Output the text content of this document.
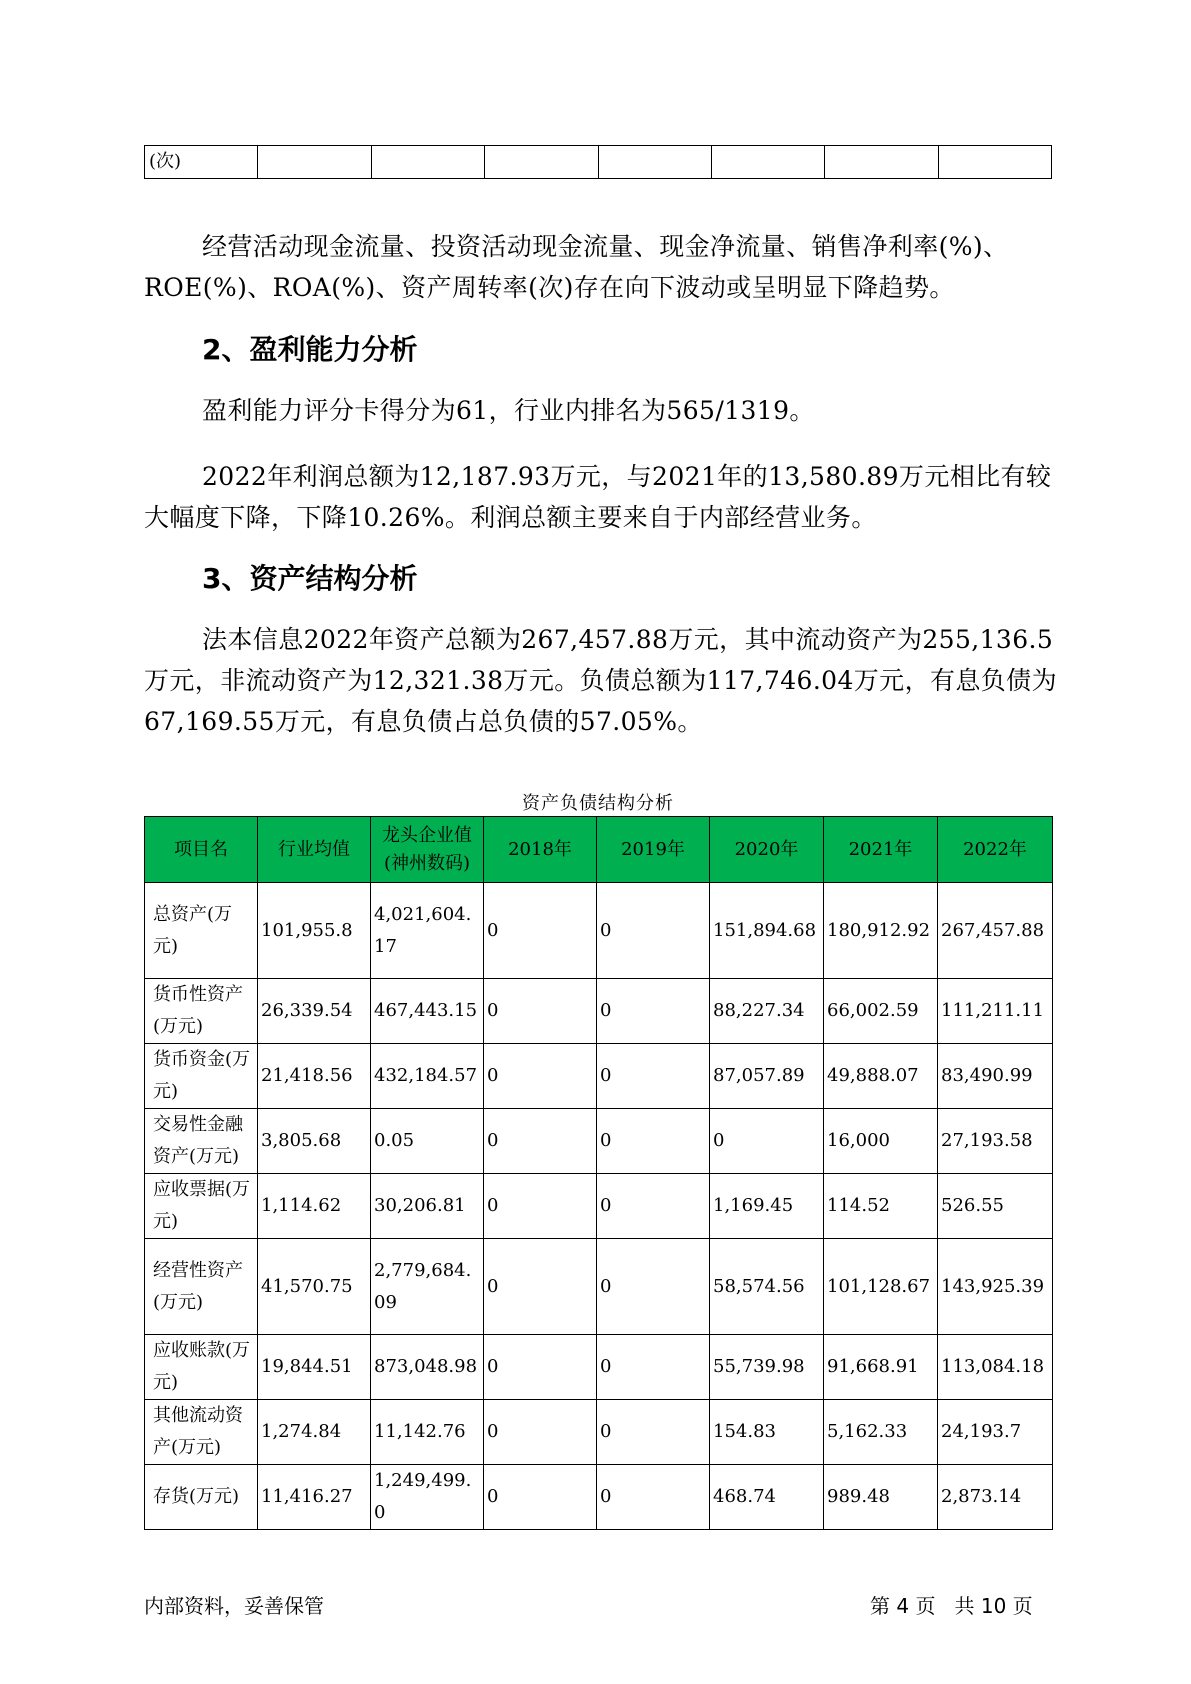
(次)							

经营活动现金流量、投资活动现金流量、现金净流量、销售净利率(%)、ROE(%)、ROA(%)、资产周转率(次)存在向下波动或呈明显下降趋势。

2、盈利能力分析

盈利能力评分卡得分为61，行业内排名为565/1319。

2022年利润总额为12,187.93万元，与2021年的13,580.89万元相比有较大幅度下降，下降10.26%。利润总额主要来自于内部经营业务。

3、资产结构分析

法本信息2022年资产总额为267,457.88万元，其中流动资产为255,136.5万元，非流动资产为12,321.38万元。负债总额为117,746.04万元，有息负债为67,169.55万元，有息负债占总负债的57.05%。

资产负债结构分析
项目名	行业均值	龙头企业值(神州数码)	2018年	2019年	2020年	2021年	2022年
总资产(万元)	101,955.8	4,021,604.17	0	0	151,894.68	180,912.92	267,457.88
货币性资产(万元)	26,339.54	467,443.15	0	0	88,227.34	66,002.59	111,211.11
货币资金(万元)	21,418.56	432,184.57	0	0	87,057.89	49,888.07	83,490.99
交易性金融资产(万元)	3,805.68	0.05	0	0	0	16,000	27,193.58
应收票据(万元)	1,114.62	30,206.81	0	0	1,169.45	114.52	526.55
经营性资产(万元)	41,570.75	2,779,684.09	0	0	58,574.56	101,128.67	143,925.39
应收账款(万元)	19,844.51	873,048.98	0	0	55,739.98	91,668.91	113,084.18
其他流动资产(万元)	1,274.84	11,142.76	0	0	154.83	5,162.33	24,193.7
存货(万元)	11,416.27	1,249,499.0	0	0	468.74	989.48	2,873.14
内部资料，妥善保管	第 4 页   共 10 页
